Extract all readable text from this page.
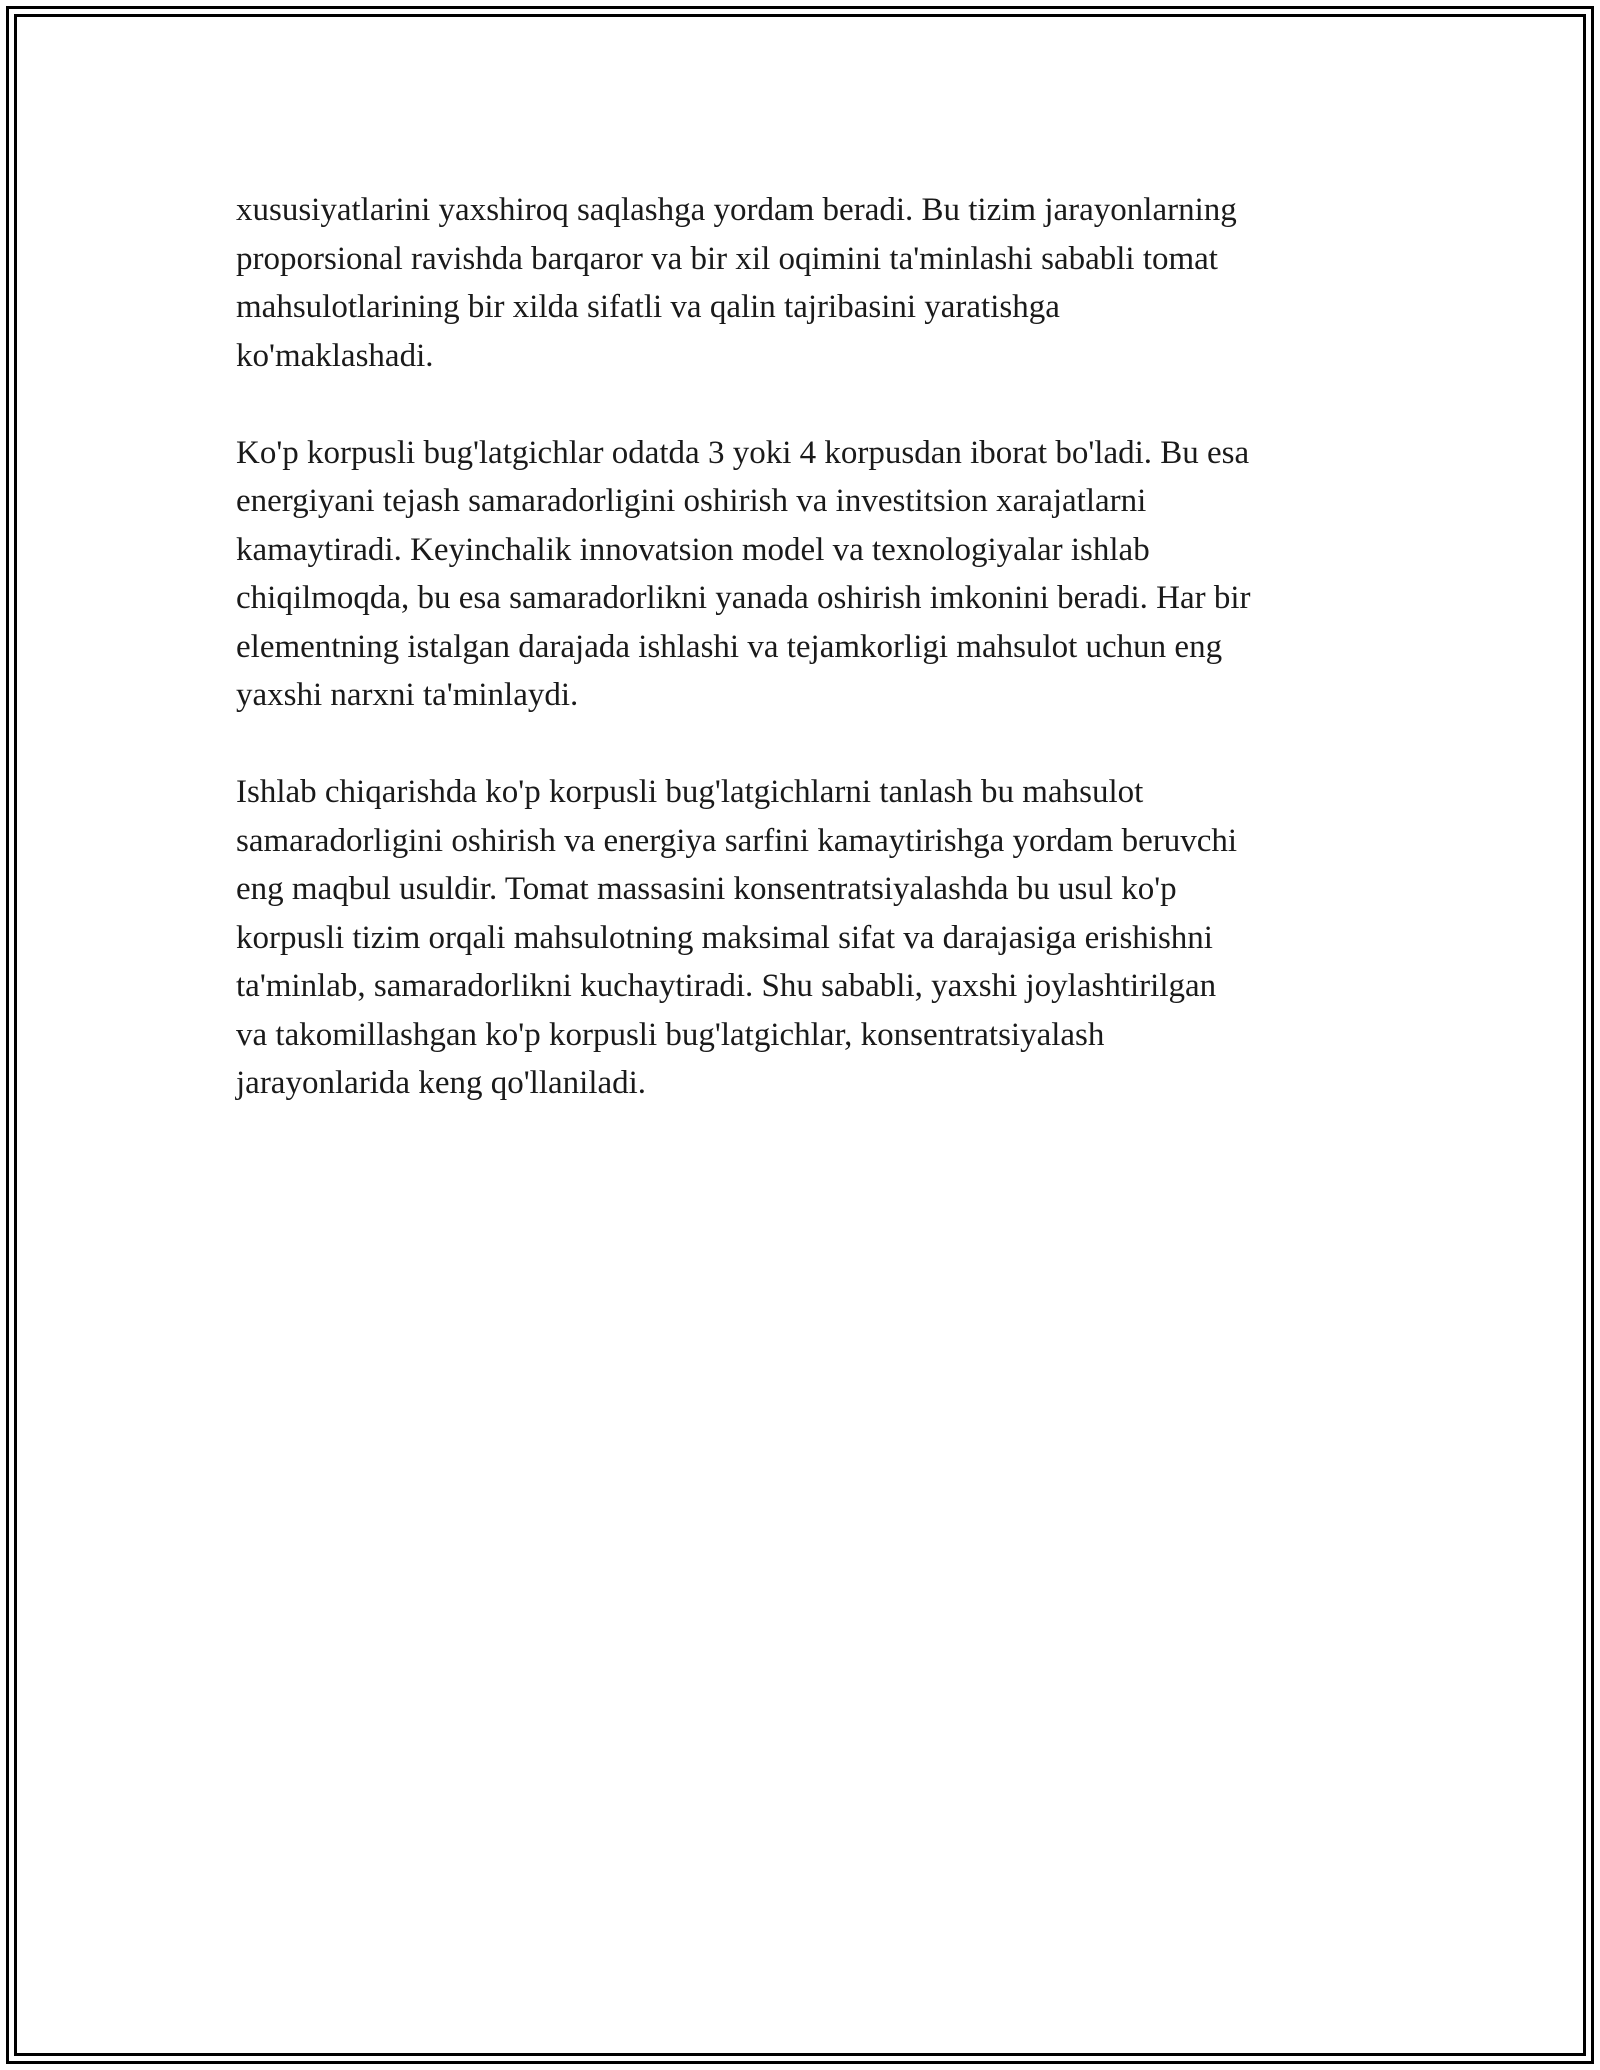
xususiyatlarini yaxshiroq saqlashga yordam beradi. Bu tizim jarayonlarning
proporsional ravishda barqaror va bir xil oqimini ta'minlashi sababli tomat
mahsulotlarining bir xilda sifatli va qalin tajribasini yaratishga
ko'maklashadi.

Ko'p korpusli bug'latgichlar odatda 3 yoki 4 korpusdan iborat bo'ladi. Bu esa
energiyani tejash samaradorligini oshirish va investitsion xarajatlarni
kamaytiradi. Keyinchalik innovatsion model va texnologiyalar ishlab
chiqilmoqda, bu esa samaradorlikni yanada oshirish imkonini beradi. Har bir
elementning istalgan darajada ishlashi va tejamkorligi mahsulot uchun eng
yaxshi narxni ta'minlaydi.

Ishlab chiqarishda ko'p korpusli bug'latgichlarni tanlash bu mahsulot
samaradorligini oshirish va energiya sarfini kamaytirishga yordam beruvchi
eng maqbul usuldir. Tomat massasini konsentratsiyalashda bu usul ko'p
korpusli tizim orqali mahsulotning maksimal sifat va darajasiga erishishni
ta'minlab, samaradorlikni kuchaytiradi. Shu sababli, yaxshi joylashtirilgan
va takomillashgan ko'p korpusli bug'latgichlar, konsentratsiyalash
jarayonlarida keng qo'llaniladi.
